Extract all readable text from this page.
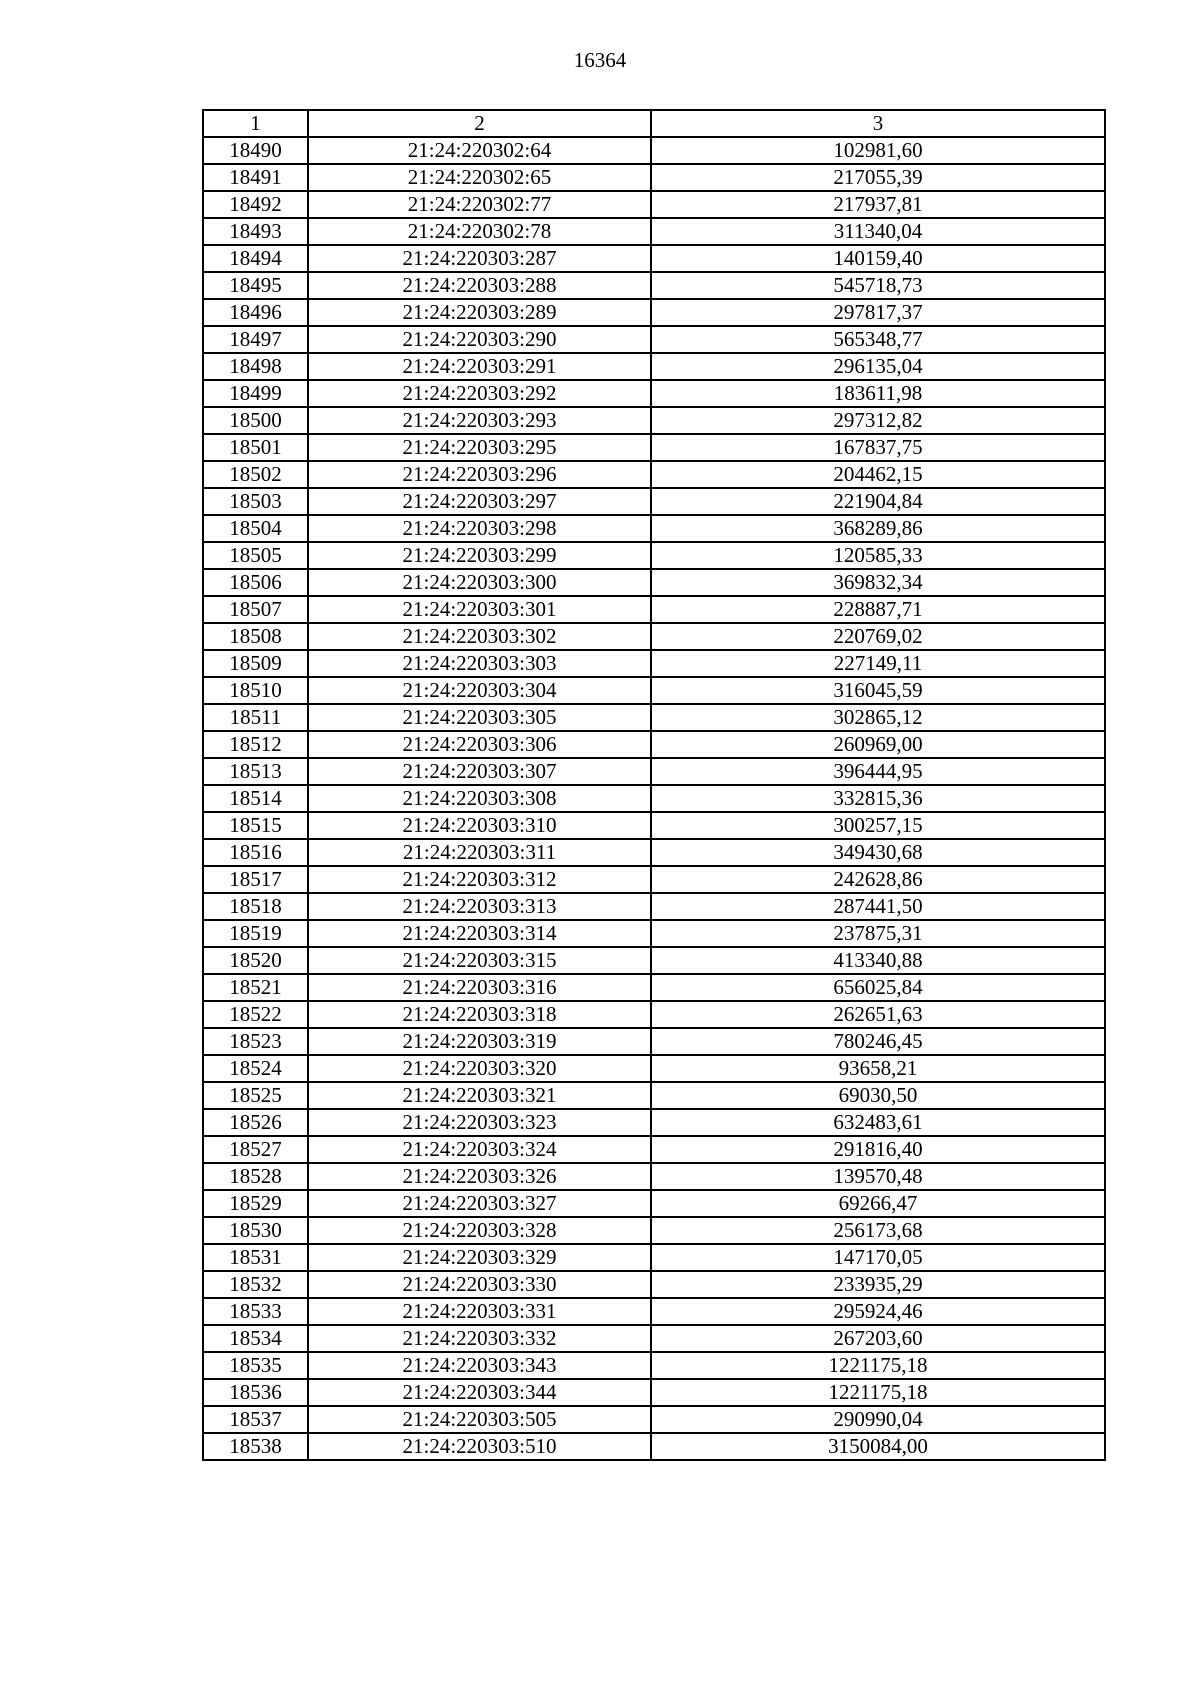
16364
1	2	3
18490	21:24:220302:64	102981,60
18491	21:24:220302:65	217055,39
18492	21:24:220302:77	217937,81
18493	21:24:220302:78	311340,04
18494	21:24:220303:287	140159,40
18495	21:24:220303:288	545718,73
18496	21:24:220303:289	297817,37
18497	21:24:220303:290	565348,77
18498	21:24:220303:291	296135,04
18499	21:24:220303:292	183611,98
18500	21:24:220303:293	297312,82
18501	21:24:220303:295	167837,75
18502	21:24:220303:296	204462,15
18503	21:24:220303:297	221904,84
18504	21:24:220303:298	368289,86
18505	21:24:220303:299	120585,33
18506	21:24:220303:300	369832,34
18507	21:24:220303:301	228887,71
18508	21:24:220303:302	220769,02
18509	21:24:220303:303	227149,11
18510	21:24:220303:304	316045,59
18511	21:24:220303:305	302865,12
18512	21:24:220303:306	260969,00
18513	21:24:220303:307	396444,95
18514	21:24:220303:308	332815,36
18515	21:24:220303:310	300257,15
18516	21:24:220303:311	349430,68
18517	21:24:220303:312	242628,86
18518	21:24:220303:313	287441,50
18519	21:24:220303:314	237875,31
18520	21:24:220303:315	413340,88
18521	21:24:220303:316	656025,84
18522	21:24:220303:318	262651,63
18523	21:24:220303:319	780246,45
18524	21:24:220303:320	93658,21
18525	21:24:220303:321	69030,50
18526	21:24:220303:323	632483,61
18527	21:24:220303:324	291816,40
18528	21:24:220303:326	139570,48
18529	21:24:220303:327	69266,47
18530	21:24:220303:328	256173,68
18531	21:24:220303:329	147170,05
18532	21:24:220303:330	233935,29
18533	21:24:220303:331	295924,46
18534	21:24:220303:332	267203,60
18535	21:24:220303:343	1221175,18
18536	21:24:220303:344	1221175,18
18537	21:24:220303:505	290990,04
18538	21:24:220303:510	3150084,00
